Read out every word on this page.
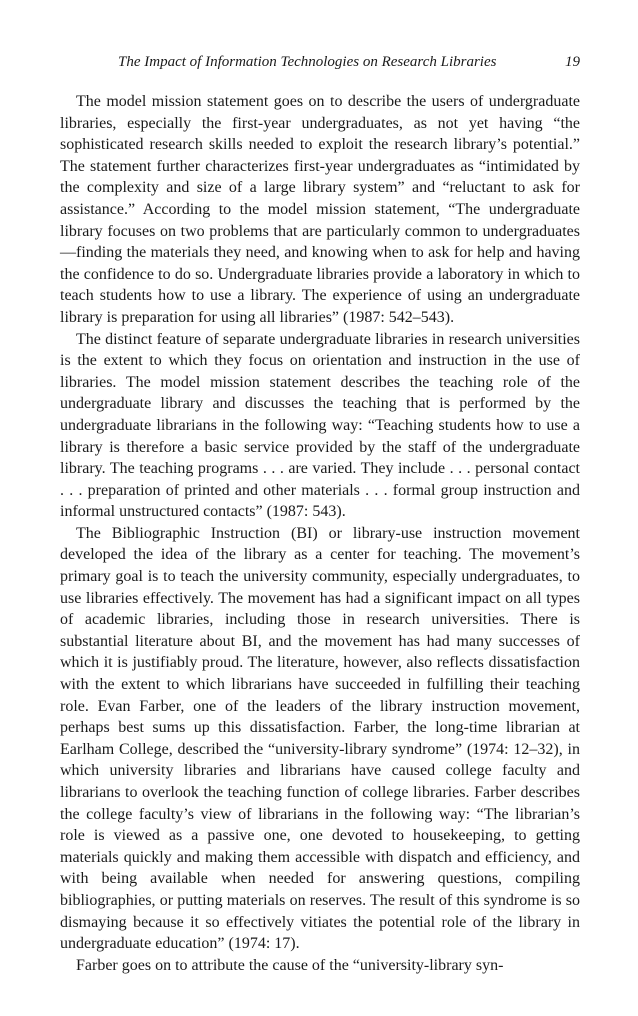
The Impact of Information Technologies on Research Libraries	19

The model mission statement goes on to describe the users of undergraduate libraries, especially the first-year undergraduates, as not yet having “the sophisticated research skills needed to exploit the research library’s potential.” The statement further characterizes first-year undergraduates as “intimidated by the complexity and size of a large library system” and “reluctant to ask for assistance.” According to the model mission statement, “The undergraduate library focuses on two problems that are particularly common to undergraduates—finding the materials they need, and knowing when to ask for help and having the confidence to do so. Undergraduate libraries provide a laboratory in which to teach students how to use a library. The experience of using an undergraduate library is preparation for using all libraries” (1987: 542–543).

The distinct feature of separate undergraduate libraries in research universities is the extent to which they focus on orientation and instruction in the use of libraries. The model mission statement describes the teaching role of the undergraduate library and discusses the teaching that is performed by the undergraduate librarians in the following way: “Teaching students how to use a library is therefore a basic service provided by the staff of the undergraduate library. The teaching programs . . . are varied. They include . . . personal contact . . . preparation of printed and other materials . . . formal group instruction and informal unstructured contacts” (1987: 543).

The Bibliographic Instruction (BI) or library-use instruction movement developed the idea of the library as a center for teaching. The movement’s primary goal is to teach the university community, especially undergraduates, to use libraries effectively. The movement has had a significant impact on all types of academic libraries, including those in research universities. There is substantial literature about BI, and the movement has had many successes of which it is justifiably proud. The literature, however, also reflects dissatisfaction with the extent to which librarians have succeeded in fulfilling their teaching role. Evan Farber, one of the leaders of the library instruction movement, perhaps best sums up this dissatisfaction. Farber, the long-time librarian at Earlham College, described the “university-library syndrome” (1974: 12–32), in which university libraries and librarians have caused college faculty and librarians to overlook the teaching function of college libraries. Farber describes the college faculty’s view of librarians in the following way: “The librarian’s role is viewed as a passive one, one devoted to housekeeping, to getting materials quickly and making them accessible with dispatch and efficiency, and with being available when needed for answering questions, compiling bibliographies, or putting materials on reserves. The result of this syndrome is so dismaying because it so effectively vitiates the potential role of the library in undergraduate education” (1974: 17).

Farber goes on to attribute the cause of the “university-library syn-
